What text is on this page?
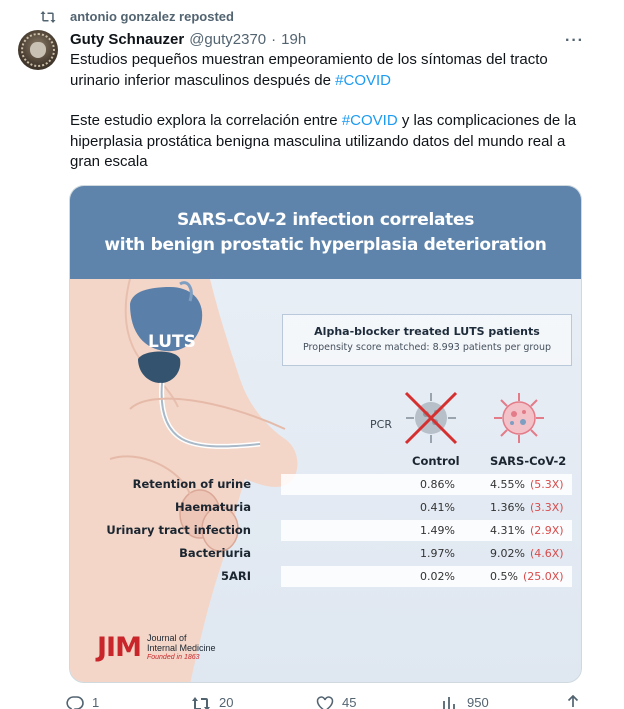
antonio gonzalez reposted
Guty Schnauzer @guty2370 · 19h	···

Estudios pequeños muestran empeoramiento de los síntomas del tracto urinario inferior masculinos después de #COVID

Este estudio explora la correlación entre #COVID y las complicaciones de la hiperplasia prostática benigna masculina utilizando datos del mundo real a gran escala

SARS-CoV-2 infection correlates
with benign prostatic hyperplasia deterioration
LUTS
Alpha-blocker treated LUTS patients
Propensity score matched: 8.993 patients per group
PCR
Control	SARS-CoV-2
Retention of urine	0.86%	4.55% (5.3X)
Haematuria	0.41%	1.36% (3.3X)
Urinary tract infection	1.49%	4.31% (2.9X)
Bacteriuria	1.97%	9.02% (4.6X)
5ARI	0.02%	0.5% (25.0X)
JIM Journal of
Internal Medicine
Founded in 1863
1	20	45	950
